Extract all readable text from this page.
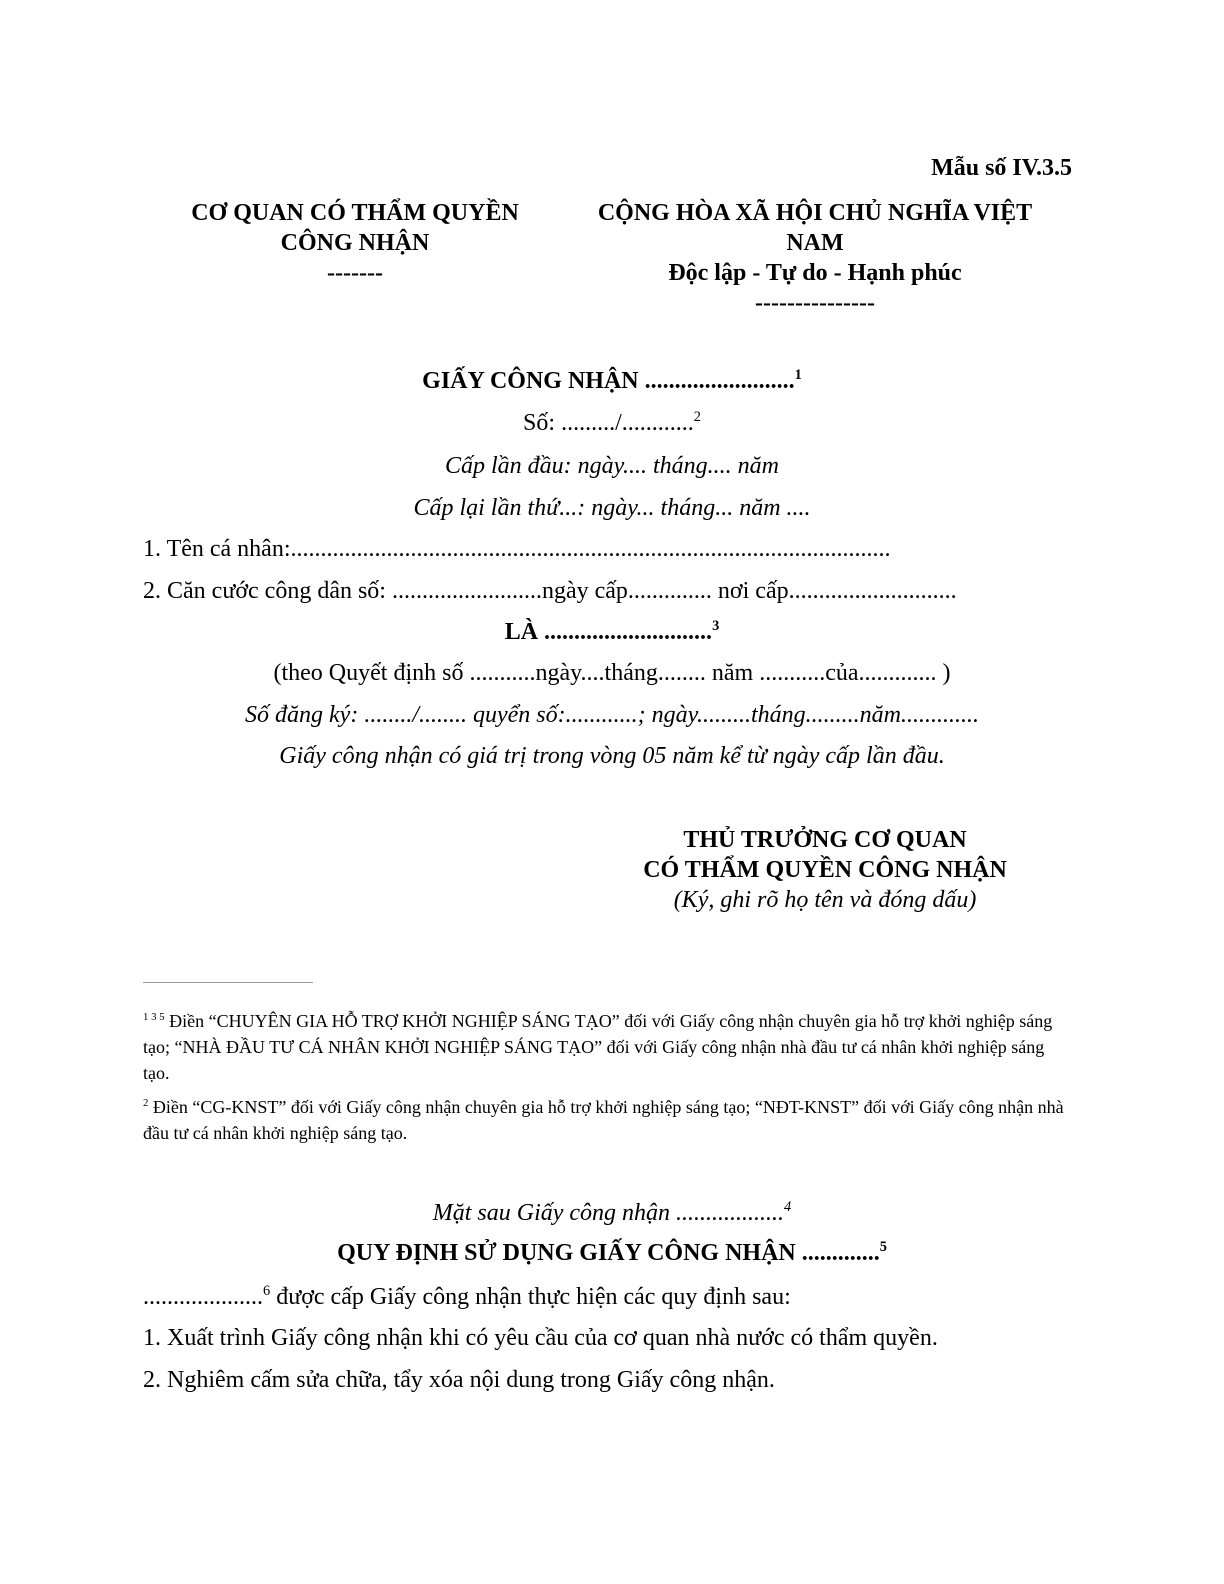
Mẫu số IV.3.5
CƠ QUAN CÓ THẨM QUYỀN
CÔNG NHẬN
-------
CỘNG HÒA XÃ HỘI CHỦ NGHĨA VIỆT
NAM
Độc lập - Tự do - Hạnh phúc
---------------
GIẤY CÔNG NHẬN .........................$^1$
Số: ........./............$^2$
Cấp lần đầu: ngày.... tháng.... năm
Cấp lại lần thứ...: ngày... tháng... năm ....
1. Tên cá nhân:....................................................................................................
2. Căn cước công dân số: .........................ngày cấp.............. nơi cấp............................
LÀ ............................$^3$
(theo Quyết định số ...........ngày....tháng........ năm ...........của............. )
Số đăng ký: ......../........ quyển số:............; ngày.........tháng.........năm.............
Giấy công nhận có giá trị trong vòng 05 năm kể từ ngày cấp lần đầu.
THỦ TRƯỞNG CƠ QUAN
CÓ THẨM QUYỀN CÔNG NHẬN
(Ký, ghi rõ họ tên và đóng dấu)
$^{1 3 5}$ Điền “CHUYÊN GIA HỖ TRỢ KHỞI NGHIỆP SÁNG TẠO” đối với Giấy công nhận chuyên gia hỗ trợ khởi nghiệp sáng tạo; “NHÀ ĐẦU TƯ CÁ NHÂN KHỞI NGHIỆP SÁNG TẠO” đối với Giấy công nhận nhà đầu tư cá nhân khởi nghiệp sáng tạo.
$^2$ Điền “CG-KNST” đối với Giấy công nhận chuyên gia hỗ trợ khởi nghiệp sáng tạo; “NĐT-KNST” đối với Giấy công nhận nhà đầu tư cá nhân khởi nghiệp sáng tạo.
Mặt sau Giấy công nhận ..................$^4$
QUY ĐỊNH SỬ DỤNG GIẤY CÔNG NHẬN .............$^5$
....................$^6$ được cấp Giấy công nhận thực hiện các quy định sau:
1. Xuất trình Giấy công nhận khi có yêu cầu của cơ quan nhà nước có thẩm quyền.
2. Nghiêm cấm sửa chữa, tẩy xóa nội dung trong Giấy công nhận.
